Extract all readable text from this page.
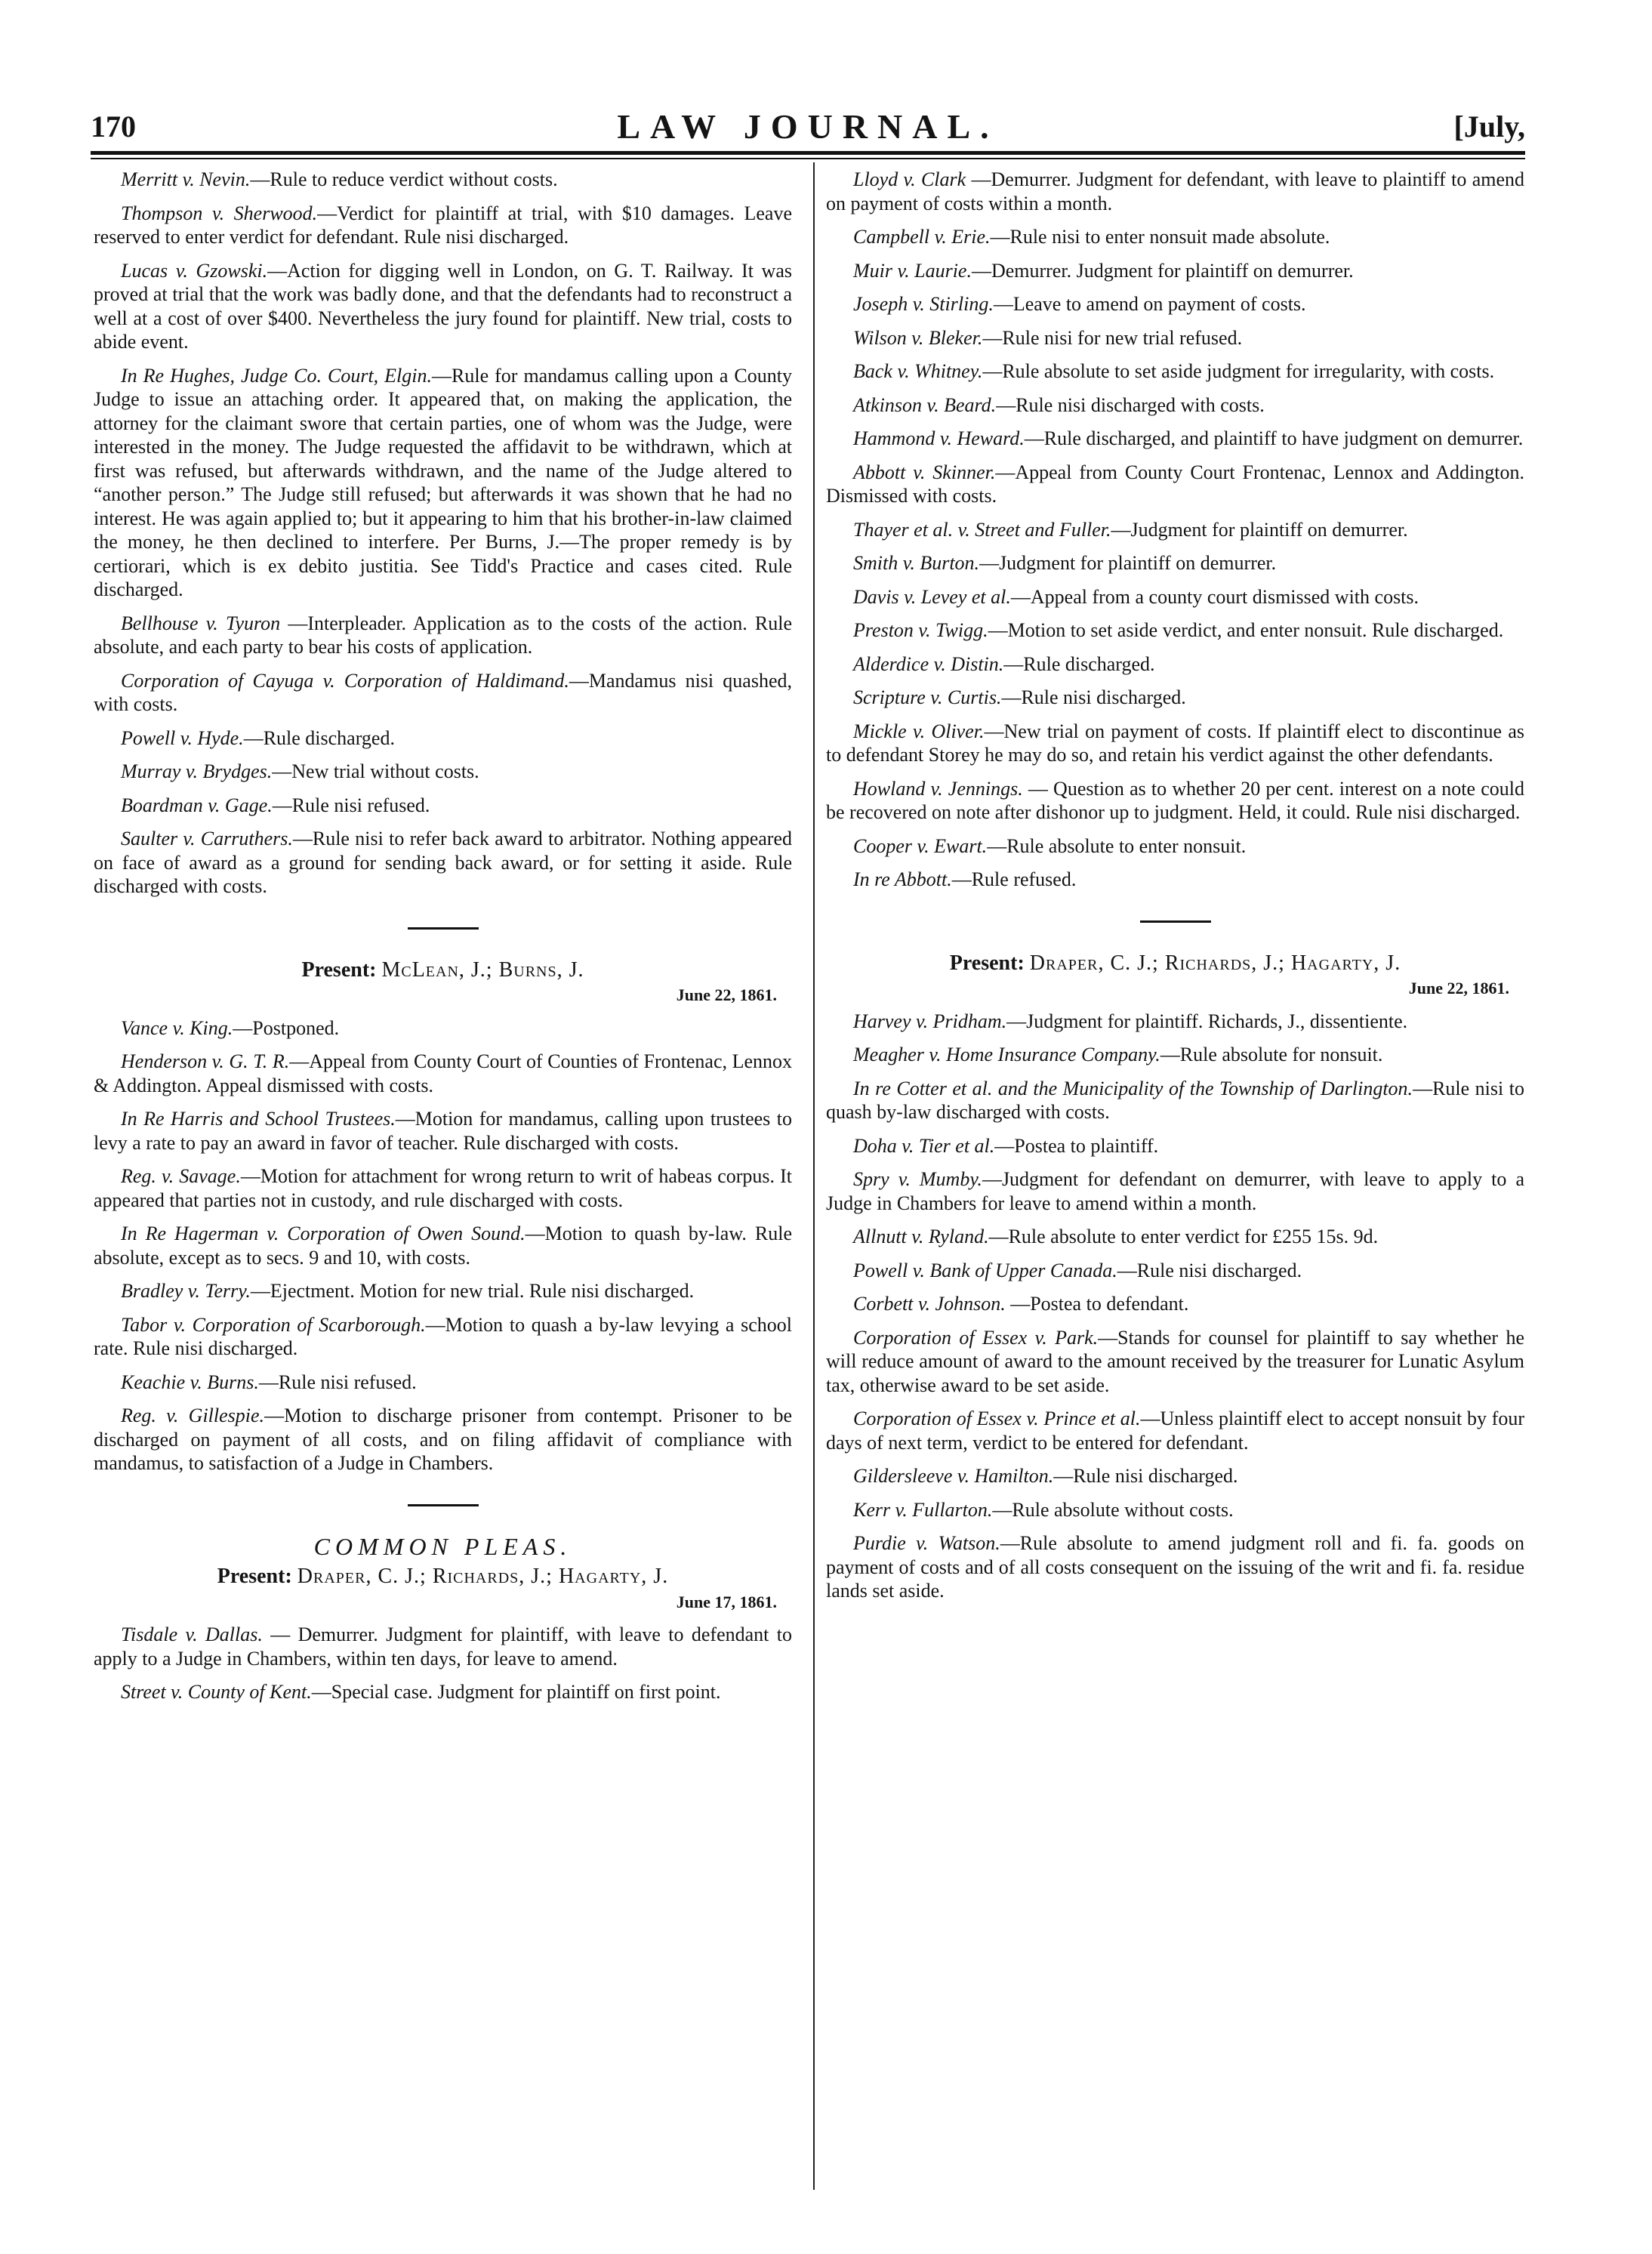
170	LAW JOURNAL.	[July,

Merritt v. Nevin.—Rule to reduce verdict without costs.

Thompson v. Sherwood.—Verdict for plaintiff at trial, with $10 damages. Leave reserved to enter verdict for defendant. Rule nisi discharged.

Lucas v. Gzowski.—Action for digging well in London, on G. T. Railway. It was proved at trial that the work was badly done, and that the defendants had to reconstruct a well at a cost of over $400. Nevertheless the jury found for plaintiff. New trial, costs to abide event.

In Re Hughes, Judge Co. Court, Elgin.—Rule for mandamus calling upon a County Judge to issue an attaching order. It appeared that, on making the application, the attorney for the claimant swore that certain parties, one of whom was the Judge, were interested in the money. The Judge requested the affidavit to be withdrawn, which at first was refused, but afterwards withdrawn, and the name of the Judge altered to “another person.” The Judge still refused; but afterwards it was shown that he had no interest. He was again applied to; but it appearing to him that his brother-in-law claimed the money, he then declined to interfere. Per Burns, J.—The proper remedy is by certiorari, which is ex debito justitia. See Tidd's Practice and cases cited. Rule discharged.

Bellhouse v. Tyuron —Interpleader. Application as to the costs of the action. Rule absolute, and each party to bear his costs of application.

Corporation of Cayuga v. Corporation of Haldimand.—Mandamus nisi quashed, with costs.

Powell v. Hyde.—Rule discharged.

Murray v. Brydges.—New trial without costs.

Boardman v. Gage.—Rule nisi refused.

Saulter v. Carruthers.—Rule nisi to refer back award to arbitrator. Nothing appeared on face of award as a ground for sending back award, or for setting it aside. Rule discharged with costs.

Present: McLean, J.; Burns, J.

June 22, 1861.

Vance v. King.—Postponed.

Henderson v. G. T. R.—Appeal from County Court of Counties of Frontenac, Lennox & Addington. Appeal dismissed with costs.

In Re Harris and School Trustees.—Motion for mandamus, calling upon trustees to levy a rate to pay an award in favor of teacher. Rule discharged with costs.

Reg. v. Savage.—Motion for attachment for wrong return to writ of habeas corpus. It appeared that parties not in custody, and rule discharged with costs.

In Re Hagerman v. Corporation of Owen Sound.—Motion to quash by-law. Rule absolute, except as to secs. 9 and 10, with costs.

Bradley v. Terry.—Ejectment. Motion for new trial. Rule nisi discharged.

Tabor v. Corporation of Scarborough.—Motion to quash a by-law levying a school rate. Rule nisi discharged.

Keachie v. Burns.—Rule nisi refused.

Reg. v. Gillespie.—Motion to discharge prisoner from contempt. Prisoner to be discharged on payment of all costs, and on filing affidavit of compliance with mandamus, to satisfaction of a Judge in Chambers.

COMMON PLEAS.

Present: Draper, C. J.; Richards, J.; Hagarty, J.

June 17, 1861.

Tisdale v. Dallas. — Demurrer. Judgment for plaintiff, with leave to defendant to apply to a Judge in Chambers, within ten days, for leave to amend.

Street v. County of Kent.—Special case. Judgment for plaintiff on first point.

Lloyd v. Clark —Demurrer. Judgment for defendant, with leave to plaintiff to amend on payment of costs within a month.

Campbell v. Erie.—Rule nisi to enter nonsuit made absolute.

Muir v. Laurie.—Demurrer. Judgment for plaintiff on demurrer.

Joseph v. Stirling.—Leave to amend on payment of costs.

Wilson v. Bleker.—Rule nisi for new trial refused.

Back v. Whitney.—Rule absolute to set aside judgment for irregularity, with costs.

Atkinson v. Beard.—Rule nisi discharged with costs.

Hammond v. Heward.—Rule discharged, and plaintiff to have judgment on demurrer.

Abbott v. Skinner.—Appeal from County Court Frontenac, Lennox and Addington. Dismissed with costs.

Thayer et al. v. Street and Fuller.—Judgment for plaintiff on demurrer.

Smith v. Burton.—Judgment for plaintiff on demurrer.

Davis v. Levey et al.—Appeal from a county court dismissed with costs.

Preston v. Twigg.—Motion to set aside verdict, and enter nonsuit. Rule discharged.

Alderdice v. Distin.—Rule discharged.

Scripture v. Curtis.—Rule nisi discharged.

Mickle v. Oliver.—New trial on payment of costs. If plaintiff elect to discontinue as to defendant Storey he may do so, and retain his verdict against the other defendants.

Howland v. Jennings. — Question as to whether 20 per cent. interest on a note could be recovered on note after dishonor up to judgment. Held, it could. Rule nisi discharged.

Cooper v. Ewart.—Rule absolute to enter nonsuit.

In re Abbott.—Rule refused.

Present: Draper, C. J.; Richards, J.; Hagarty, J.

June 22, 1861.

Harvey v. Pridham.—Judgment for plaintiff. Richards, J., dissentiente.

Meagher v. Home Insurance Company.—Rule absolute for nonsuit.

In re Cotter et al. and the Municipality of the Township of Darlington.—Rule nisi to quash by-law discharged with costs.

Doha v. Tier et al.—Postea to plaintiff.

Spry v. Mumby.—Judgment for defendant on demurrer, with leave to apply to a Judge in Chambers for leave to amend within a month.

Allnutt v. Ryland.—Rule absolute to enter verdict for £255 15s. 9d.

Powell v. Bank of Upper Canada.—Rule nisi discharged.

Corbett v. Johnson. —Postea to defendant.

Corporation of Essex v. Park.—Stands for counsel for plaintiff to say whether he will reduce amount of award to the amount received by the treasurer for Lunatic Asylum tax, otherwise award to be set aside.

Corporation of Essex v. Prince et al.—Unless plaintiff elect to accept nonsuit by four days of next term, verdict to be entered for defendant.

Gildersleeve v. Hamilton.—Rule nisi discharged.

Kerr v. Fullarton.—Rule absolute without costs.

Purdie v. Watson.—Rule absolute to amend judgment roll and fi. fa. goods on payment of costs and of all costs consequent on the issuing of the writ and fi. fa. residue lands set aside.
